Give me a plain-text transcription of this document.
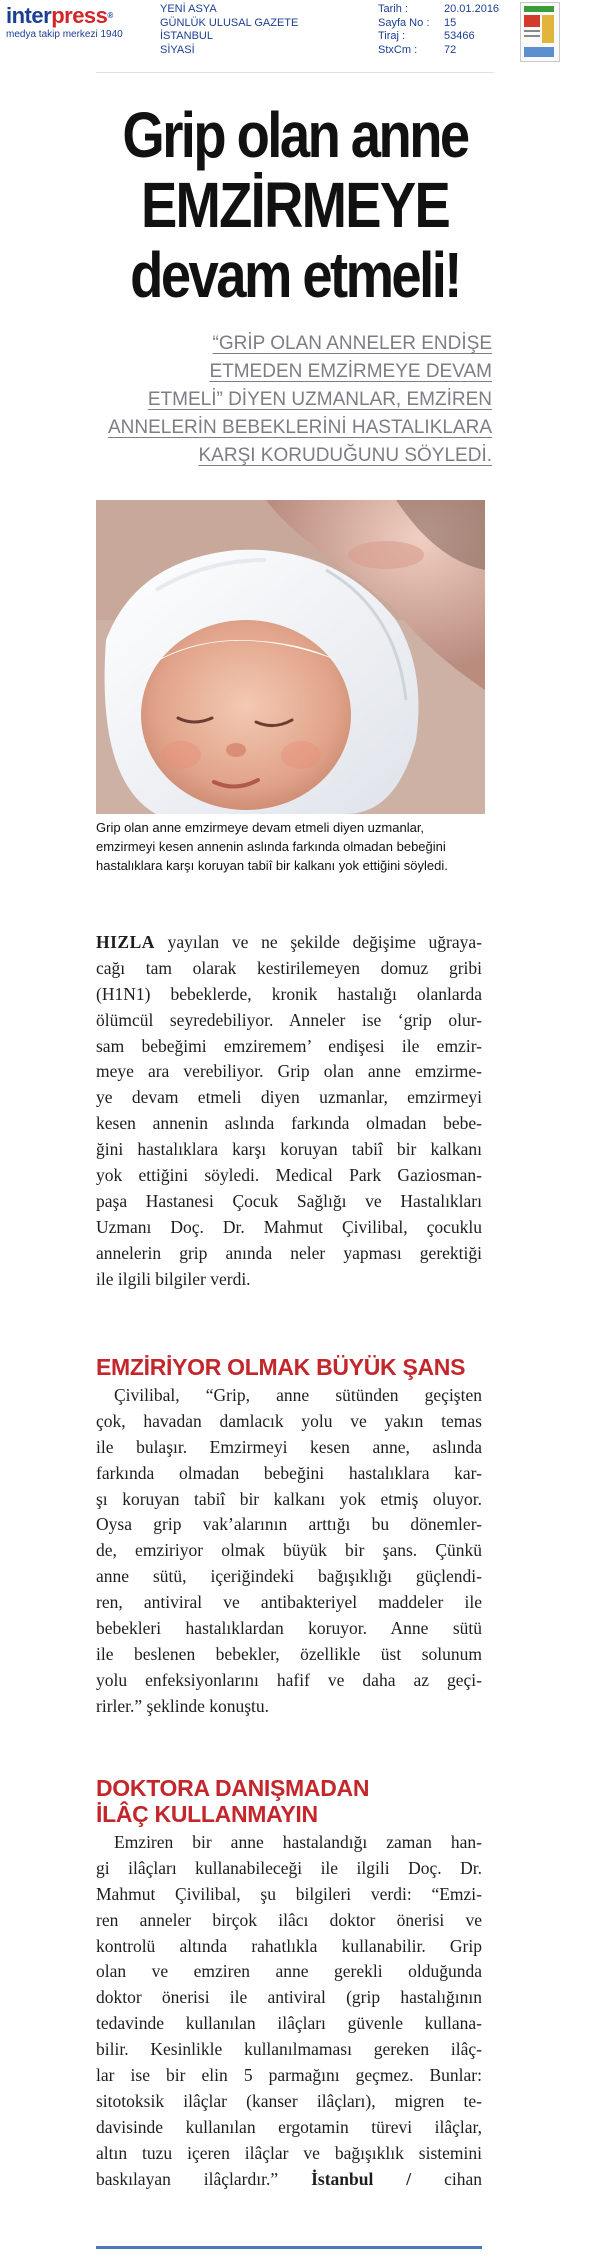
interpress®
medya takip merkezi 1940
YENİ ASYA
GÜNLÜK ULUSAL GAZETE
İSTANBUL
SİYASİ
Tarih :	20.01.2016
Sayfa No :	15
Tiraj :	53466
StxCm :	72
Grip olan anne
EMZİRMEYE
devam etmeli!
“GRİP OLAN ANNELER ENDİŞE
ETMEDEN EMZİRMEYE DEVAM
ETMELİ” DİYEN UZMANLAR, EMZİREN
ANNELERİN BEBEKLERİNİ HASTALIKLARA
KARŞI KORUDUĞUNU SÖYLEDİ.
Grip olan anne emzirmeye devam etmeli diyen uzmanlar,
emzirmeyi kesen annenin aslında farkında olmadan bebeğini
hastalıklara karşı koruyan tabiî bir kalkanı yok ettiğini söyledi.
HIZLA yayılan ve ne şekilde değişime uğraya-
cağı tam olarak kestirilemeyen domuz gribi
(H1N1) bebeklerde, kronik hastalığı olanlarda
ölümcül seyredebiliyor. Anneler ise ‘grip olur-
sam bebeğimi emziremem’ endişesi ile emzir-
meye ara verebiliyor. Grip olan anne emzirme-
ye devam etmeli diyen uzmanlar, emzirmeyi
kesen annenin aslında farkında olmadan bebe-
ğini hastalıklara karşı koruyan tabiî bir kalkanı
yok ettiğini söyledi. Medical Park Gaziosman-
paşa Hastanesi Çocuk Sağlığı ve Hastalıkları
Uzmanı Doç. Dr. Mahmut Çivilibal, çocuklu
annelerin grip anında neler yapması gerektiği
ile ilgili bilgiler verdi.
EMZİRİYOR OLMAK BÜYÜK ŞANS
Çivilibal, “Grip, anne sütünden geçişten
çok, havadan damlacık yolu ve yakın temas
ile bulaşır. Emzirmeyi kesen anne, aslında
farkında olmadan bebeğini hastalıklara kar-
şı koruyan tabiî bir kalkanı yok etmiş oluyor.
Oysa grip vak’alarının arttığı bu dönemler-
de, emziriyor olmak büyük bir şans. Çünkü
anne sütü, içeriğindeki bağışıklığı güçlendi-
ren, antiviral ve antibakteriyel maddeler ile
bebekleri hastalıklardan koruyor. Anne sütü
ile beslenen bebekler, özellikle üst solunum
yolu enfeksiyonlarını hafif ve daha az geçi-
rirler.” şeklinde konuştu.
DOKTORA DANIŞMADAN
İLÂÇ KULLANMAYIN
Emziren bir anne hastalandığı zaman han-
gi ilâçları kullanabileceği ile ilgili Doç. Dr.
Mahmut Çivilibal, şu bilgileri verdi: “Emzi-
ren anneler birçok ilâcı doktor önerisi ve
kontrolü altında rahatlıkla kullanabilir. Grip
olan ve emziren anne gerekli olduğunda
doktor önerisi ile antiviral (grip hastalığının
tedavinde kullanılan ilâçları güvenle kullana-
bilir. Kesinlikle kullanılmaması gereken ilâç-
lar ise bir elin 5 parmağını geçmez. Bunlar:
sitotoksik ilâçlar (kanser ilâçları), migren te-
davisinde kullanılan ergotamin türevi ilâçlar,
altın tuzu içeren ilâçlar ve bağışıklık sistemini
baskılayan ilâçlardır.” İstanbul / cihan
